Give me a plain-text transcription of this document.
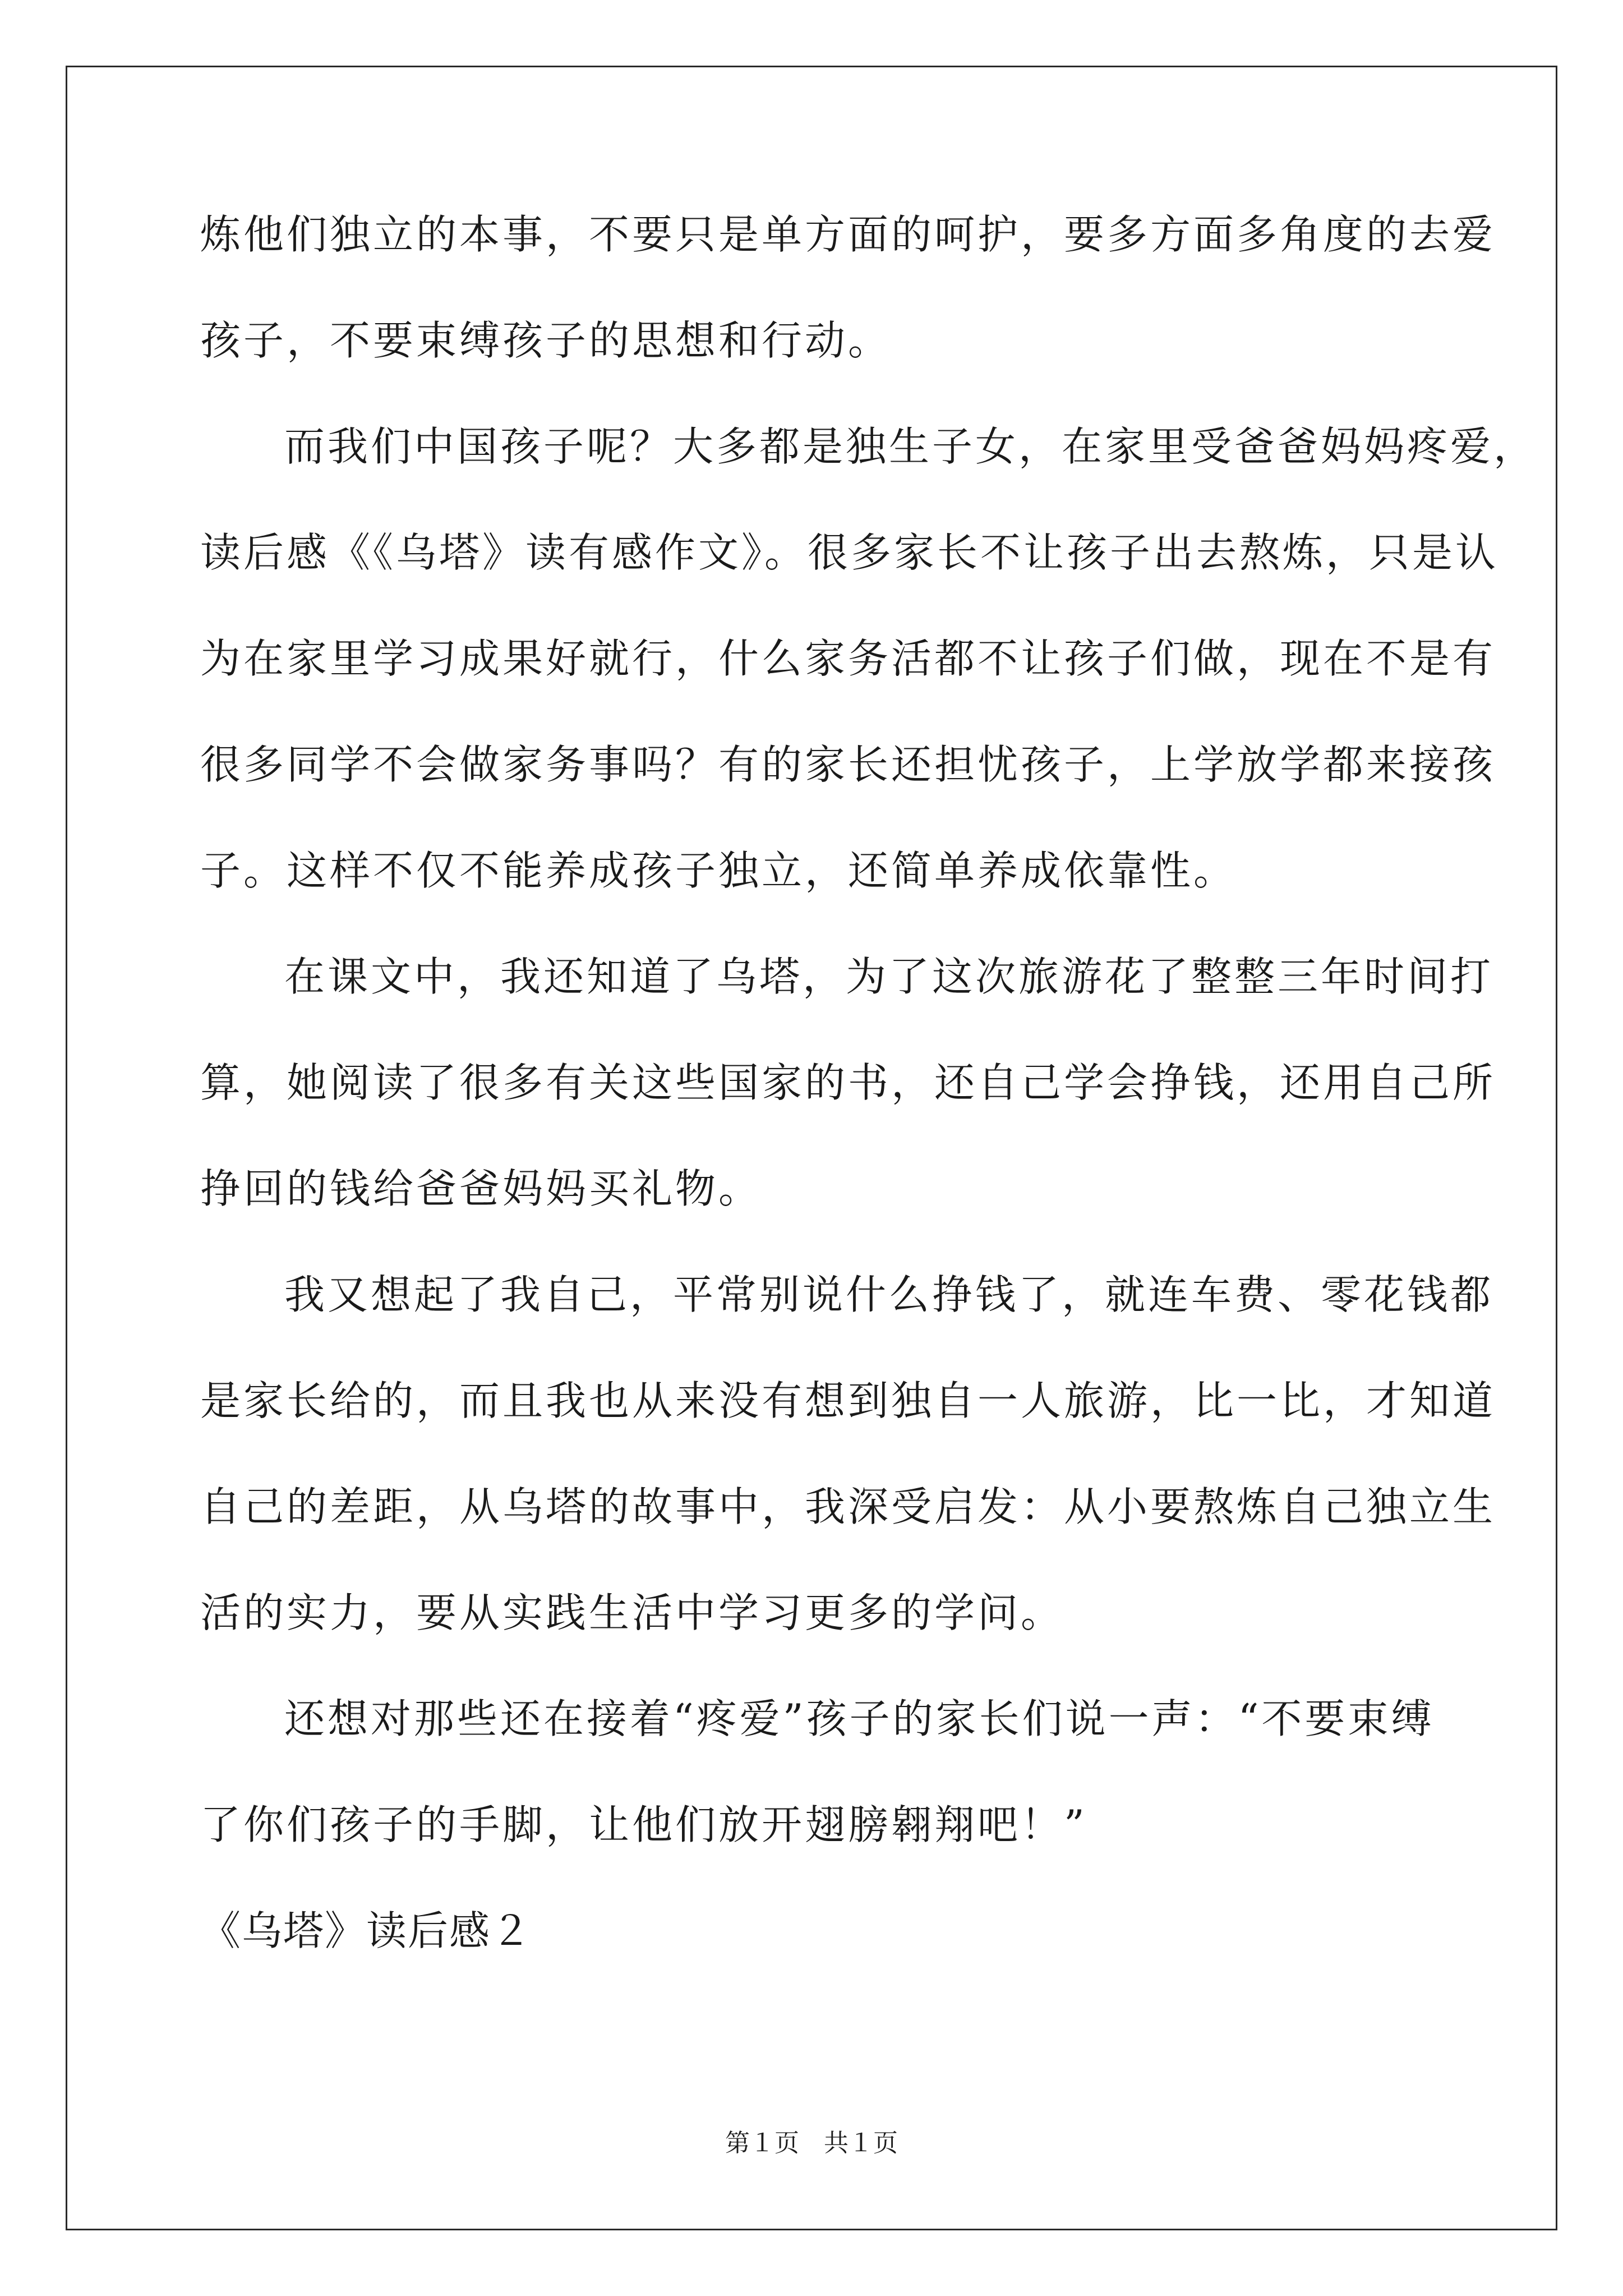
炼他们独立的本事，不要只是单方面的呵护，要多方面多角度的去爱
孩子，不要束缚孩子的思想和行动。
而我们中国孩子呢？大多都是独生子女，在家里受爸爸妈妈疼爱，
读后感《《乌塔》读有感作文》。很多家长不让孩子出去熬炼，只是认
为在家里学习成果好就行，什么家务活都不让孩子们做，现在不是有
很多同学不会做家务事吗？有的家长还担忧孩子，上学放学都来接孩
子。这样不仅不能养成孩子独立，还简单养成依靠性。
在课文中，我还知道了乌塔，为了这次旅游花了整整三年时间打
算，她阅读了很多有关这些国家的书，还自己学会挣钱，还用自己所
挣回的钱给爸爸妈妈买礼物。
我又想起了我自己，平常别说什么挣钱了，就连车费、零花钱都
是家长给的，而且我也从来没有想到独自一人旅游，比一比，才知道
自己的差距，从乌塔的故事中，我深受启发：从小要熬炼自己独立生
活的实力，要从实践生活中学习更多的学问。
还想对那些还在接着“疼爱”孩子的家长们说一声：“不要束缚
了你们孩子的手脚，让他们放开翅膀翱翔吧！”
《乌塔》读后感２
第１页　共１页
